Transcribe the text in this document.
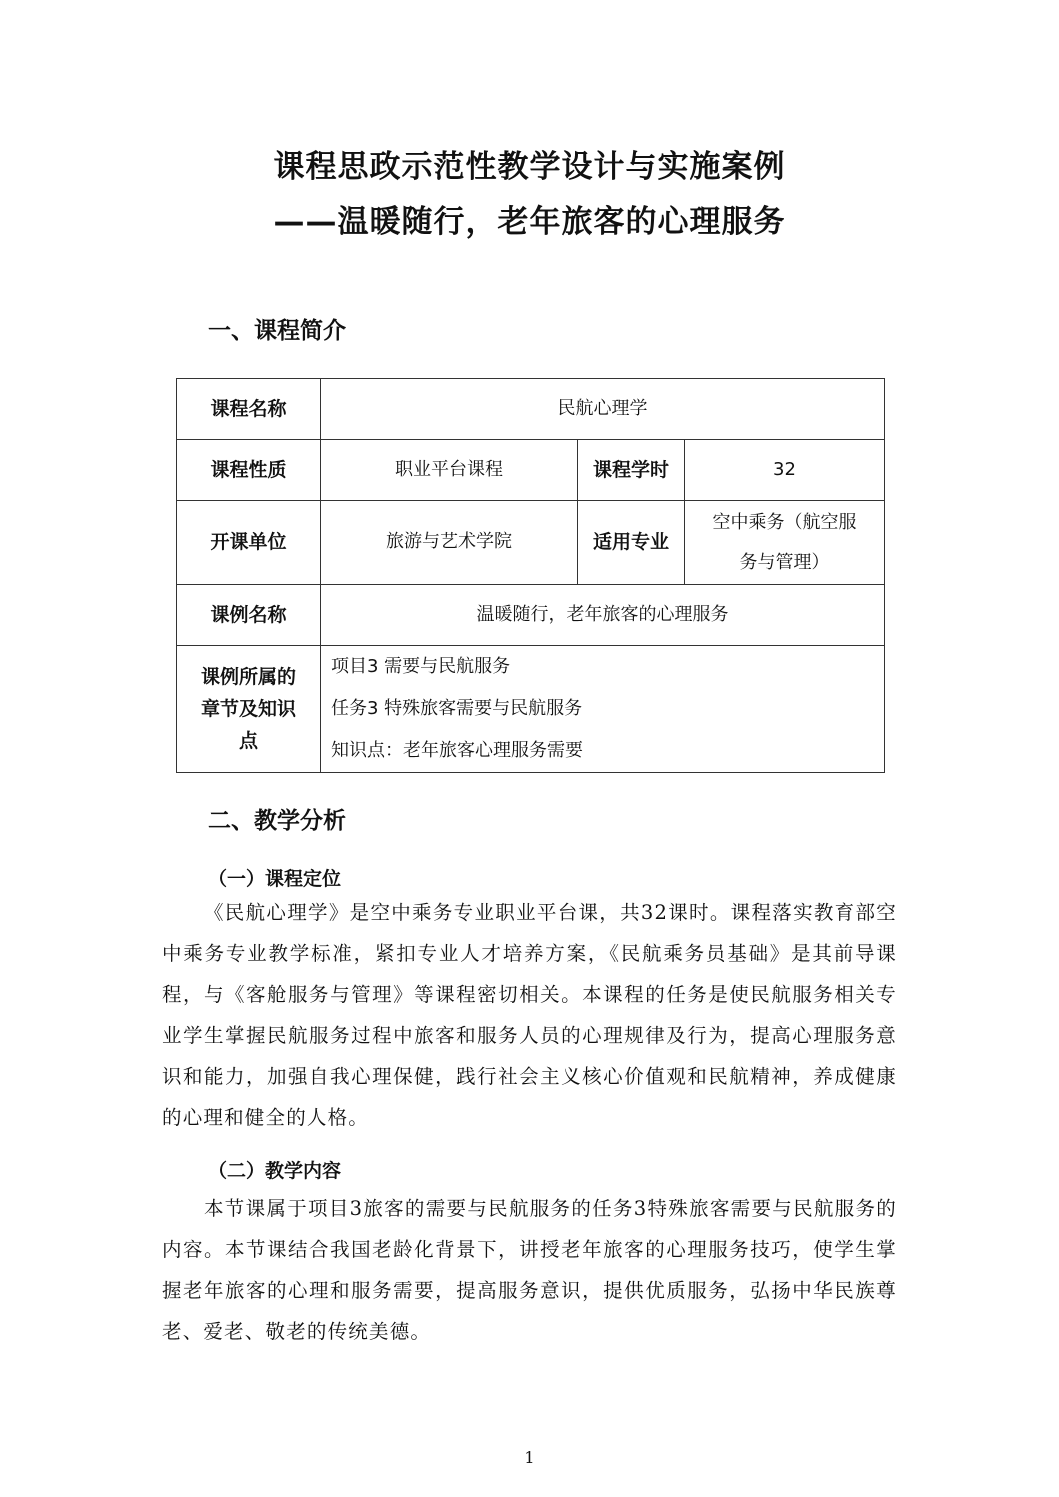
课程思政示范性教学设计与实施案例
——温暖随行，老年旅客的心理服务
一、课程简介
课程名称	民航心理学		
课程性质	职业平台课程	课程学时	32
开课单位	旅游与艺术学院	适用专业	空中乘务（航空服
务与管理）

课例名称	温暖随行，老年旅客的心理服务		

课例所属的
章节及知识
点	项目3 需要与民航服务
任务3 特殊旅客需要与民航服务
知识点：老年旅客心理服务需要		
二、教学分析
（一）课程定位
《民航心理学》是空中乘务专业职业平台课，共32课时。课程落实教育部空中乘务专业教学标准，紧扣专业人才培养方案，《民航乘务员基础》是其前导课程，与《客舱服务与管理》等课程密切相关。本课程的任务是使民航服务相关专业学生掌握民航服务过程中旅客和服务人员的心理规律及行为，提高心理服务意识和能力，加强自我心理保健，践行社会主义核心价值观和民航精神，养成健康的心理和健全的人格。
（二）教学内容
本节课属于项目3旅客的需要与民航服务的任务3特殊旅客需要与民航服务的内容。本节课结合我国老龄化背景下，讲授老年旅客的心理服务技巧，使学生掌握老年旅客的心理和服务需要，提高服务意识，提供优质服务，弘扬中华民族尊老、爱老、敬老的传统美德。
1
